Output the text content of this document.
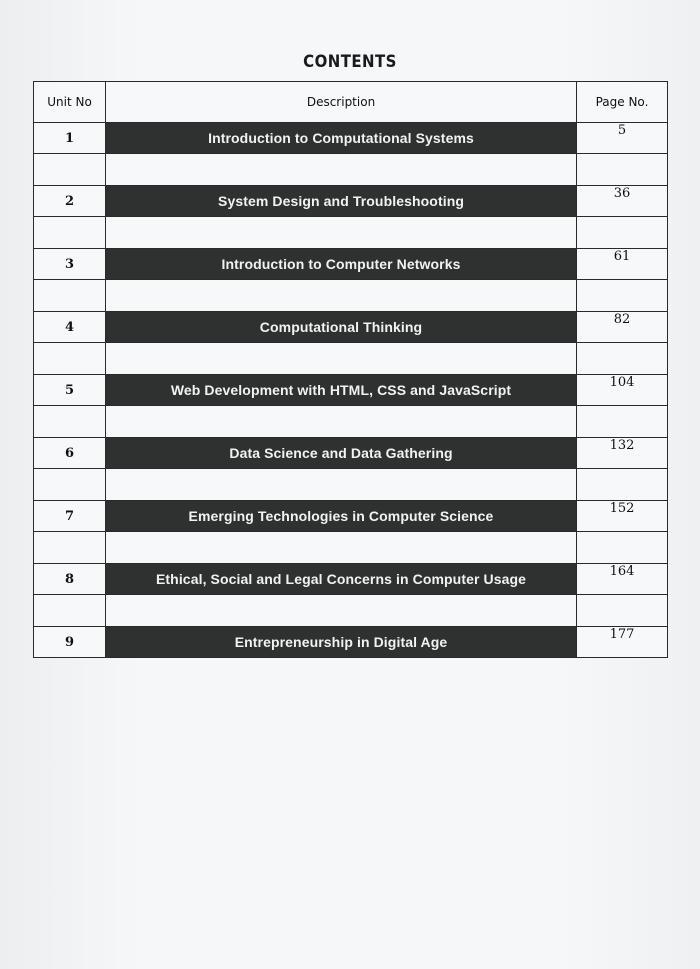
CONTENTS
Unit No	Description	Page No.
1	Introduction to Computational Systems	5

2	System Design and Troubleshooting	36

3	Introduction to Computer Networks	61

4	Computational Thinking	82

5	Web Development with HTML, CSS and JavaScript	104

6	Data Science and Data Gathering	132

7	Emerging Technologies in Computer Science	152

8	Ethical, Social and Legal Concerns in Computer Usage	164

9	Entrepreneurship in Digital Age	177
